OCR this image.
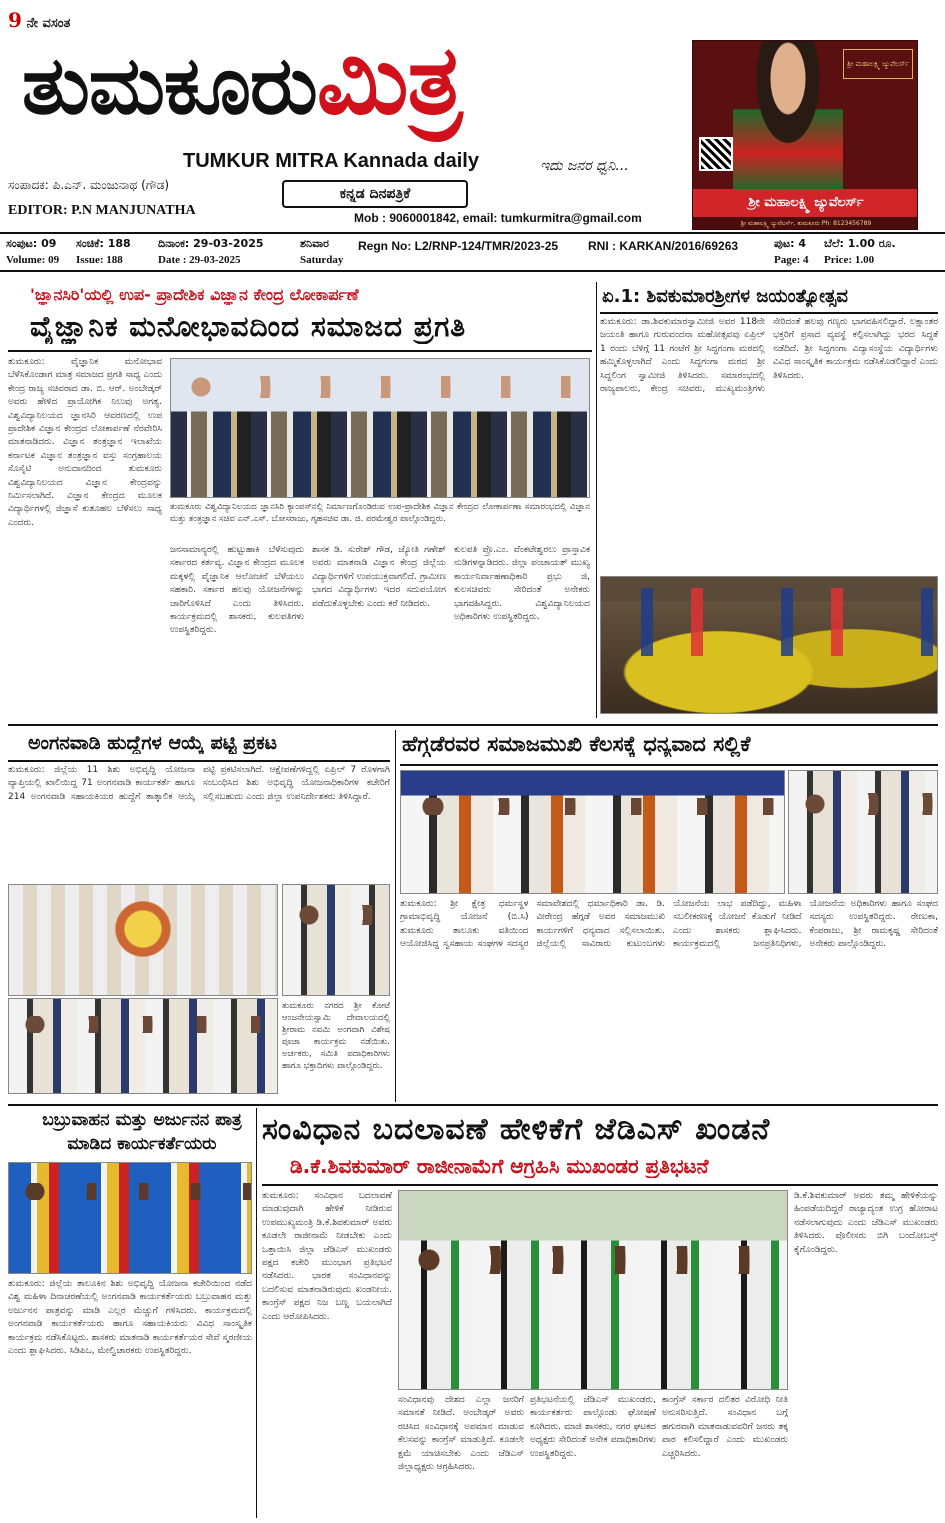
9 ನೇ ವಸಂತ
ತುಮಕೂರುಮಿತ್ರ
TUMKUR MITRA Kannada daily	ಇದು ಜನರ ಧ್ವನಿ...
ಸಂಪಾದಕ: ಪಿ.ಎನ್. ಮಂಜುನಾಥ (ಗೌಡ)
EDITOR: P.N MANJUNATHA
ಕನ್ನಡ ದಿನಪತ್ರಿಕೆ
Mob : 9060001842, email: tumkurmitra@gmail.com
ಶ್ರೀ ಮಹಾಲಕ್ಷ್ಮಿ ಜ್ಯುವೆಲರ್ಸ್
ಶ್ರೀ ಮಹಾಲಕ್ಷ್ಮಿ ಜ್ಯುವೆಲರ್ಸ್
ಶ್ರೀ ಮಹಾಲಕ್ಷ್ಮಿ ಜ್ಯುವೆಲರ್ಸ್, ತುಮಕೂರು Ph: 8123456789
ಸಂಪುಟ: 09 ಸಂಚಿಕೆ: 188 ದಿನಾಂಕ: 29-03-2025	ಶನಿವಾರ
Volume: 09 Issue: 188	Date : 29-03-2025	Saturday
Regn No: L2/RNP-124/TMR/2023-25 RNI : KARKAN/2016/69263	ಪುಟ: 4 ಬೆಲೆ: 1.00 ರೂ.
Page: 4 Price: 1.00
'ಜ್ಞಾನಸಿರಿ'ಯಲ್ಲಿ ಉಪ- ಪ್ರಾದೇಶಿಕ ವಿಜ್ಞಾನ ಕೇಂದ್ರ ಲೋಕಾರ್ಪಣೆ
ವೈಜ್ಞಾನಿಕ ಮನೋಭಾವದಿಂದ ಸಮಾಜದ ಪ್ರಗತಿ
ತುಮಕೂರು: ವೈಜ್ಞಾನಿಕ ಮನೋಭಾವ ಬೆಳೆಸಿಕೊಂಡಾಗ ಮಾತ್ರ ಸಮಾಜದ ಪ್ರಗತಿ ಸಾಧ್ಯ ಎಂದು ಕೇಂದ್ರ ರಾಜ್ಯ ಸಚಿವರಾದ ಡಾ. ಬಿ. ಆರ್. ಅಂಬೇಡ್ಕರ್ ಅವರು ಹೇಳಿದ ಪ್ರಾಯೋಗಿಕ ನಿಲುವು ಅಗತ್ಯ. ವಿಶ್ವವಿದ್ಯಾನಿಲಯದ ಜ್ಞಾನಸಿರಿ ಆವರಣದಲ್ಲಿ ಉಪ ಪ್ರಾದೇಶಿಕ ವಿಜ್ಞಾನ ಕೇಂದ್ರದ ಲೋಕಾರ್ಪಣೆ ನೆರವೇರಿಸಿ ಮಾತನಾಡಿದರು. ವಿಜ್ಞಾನ ತಂತ್ರಜ್ಞಾನ ಇಲಾಖೆಯ ಕರ್ನಾಟಕ ವಿಜ್ಞಾನ ತಂತ್ರಜ್ಞಾನ ವಸ್ತು ಸಂಗ್ರಹಾಲಯ ಸೊಸೈಟಿ ಅನುದಾನದಿಂದ ತುಮಕೂರು ವಿಶ್ವವಿದ್ಯಾನಿಲಯದ ವಿಜ್ಞಾನ ಕೇಂದ್ರವನ್ನು ನಿರ್ಮಿಸಲಾಗಿದೆ. ವಿಜ್ಞಾನ ಕೇಂದ್ರದ ಮೂಲಕ ವಿದ್ಯಾರ್ಥಿಗಳಲ್ಲಿ ಜಿಜ್ಞಾಸೆ ಕುತೂಹಲ ಬೆಳೆಸಲು ಸಾಧ್ಯ ಎಂದರು.
ತುಮಕೂರು ವಿಶ್ವವಿದ್ಯಾನಿಲಯದ ಜ್ಞಾನಸಿರಿ ಕ್ಯಾಂಪಸ್‌ನಲ್ಲಿ ನಿರ್ಮಾಣಗೊಂಡಿರುವ ಉಪ-ಪ್ರಾದೇಶಿಕ ವಿಜ್ಞಾನ ಕೇಂದ್ರದ ಲೋಕಾರ್ಪಣಾ ಸಮಾರಂಭದಲ್ಲಿ ವಿಜ್ಞಾನ ಮತ್ತು ತಂತ್ರಜ್ಞಾನ ಸಚಿವ ಎನ್.ಎಸ್. ಬೋಸರಾಜು, ಗೃಹಸಚಿವ ಡಾ. ಜಿ. ಪರಮೇಶ್ವರ ಪಾಲ್ಗೊಂಡಿದ್ದರು.
ಜನಸಾಮಾನ್ಯರಲ್ಲಿ ಹುಟ್ಟುಹಾಕಿ ಬೆಳೆಸುವುದು ಸರ್ಕಾರದ ಕರ್ತವ್ಯ. ವಿಜ್ಞಾನ ಕೇಂದ್ರದ ಮೂಲಕ ಮಕ್ಕಳಲ್ಲಿ ವೈಜ್ಞಾನಿಕ ಆಲೋಚನೆ ಬೆಳೆಯಲು ಸಹಕಾರಿ. ಸರ್ಕಾರ ಹಲವು ಯೋಜನೆಗಳನ್ನು ಜಾರಿಗೊಳಿಸಿದೆ ಎಂದು ತಿಳಿಸಿದರು. ಕಾರ್ಯಕ್ರಮದಲ್ಲಿ ಶಾಸಕರು, ಕುಲಪತಿಗಳು ಉಪಸ್ಥಿತರಿದ್ದರು.
ಶಾಸಕ ಡಿ. ಸುರೇಶ್ ಗೌಡ, ಜ್ಯೋತಿ ಗಣೇಶ್ ಅವರು ಮಾತನಾಡಿ ವಿಜ್ಞಾನ ಕೇಂದ್ರ ಜಿಲ್ಲೆಯ ವಿದ್ಯಾರ್ಥಿಗಳಿಗೆ ಉಪಯುಕ್ತವಾಗಲಿದೆ. ಗ್ರಾಮೀಣ ಭಾಗದ ವಿದ್ಯಾರ್ಥಿಗಳು ಇದರ ಸದುಪಯೋಗ ಪಡೆದುಕೊಳ್ಳಬೇಕು ಎಂದು ಕರೆ ನೀಡಿದರು.
ಕುಲಪತಿ ಪ್ರೊ.ಎಂ. ವೆಂಕಟೇಶ್ವರಲು ಪ್ರಾಸ್ತಾವಿಕ ನುಡಿಗಳನ್ನಾಡಿದರು. ಜಿಲ್ಲಾ ಪಂಚಾಯತ್ ಮುಖ್ಯ ಕಾರ್ಯನಿರ್ವಾಹಣಾಧಿಕಾರಿ ಪ್ರಭು ಜಿ, ಕುಲಸಚಿವರು ಸೇರಿದಂತೆ ಅನೇಕರು ಭಾಗವಹಿಸಿದ್ದರು. ವಿಶ್ವವಿದ್ಯಾನಿಲಯದ ಅಧಿಕಾರಿಗಳು ಉಪಸ್ಥಿತರಿದ್ದರು.
ಏ.1: ಶಿವಕುಮಾರಶ್ರೀಗಳ ಜಯಂತ್ಯೋತ್ಸವ
ತುಮಕೂರು: ಡಾ.ಶಿವಕುಮಾರಸ್ವಾಮೀಜಿ ಅವರ 118ನೇ ಜಯಂತಿ ಹಾಗೂ ಗುರುವಂದನಾ ಮಹೋತ್ಸವವು ಏಪ್ರಿಲ್ 1 ರಂದು ಬೆಳಿಗ್ಗೆ 11 ಗಂಟೆಗೆ ಶ್ರೀ ಸಿದ್ಧಗಂಗಾ ಮಠದಲ್ಲಿ ಹಮ್ಮಿಕೊಳ್ಳಲಾಗಿದೆ ಎಂದು ಸಿದ್ಧಗಂಗಾ ಮಠದ ಶ್ರೀ ಸಿದ್ಧಲಿಂಗ ಸ್ವಾಮೀಜಿ ತಿಳಿಸಿದರು. ಸಮಾರಂಭದಲ್ಲಿ ರಾಜ್ಯಪಾಲರು, ಕೇಂದ್ರ ಸಚಿವರು, ಮುಖ್ಯಮಂತ್ರಿಗಳು ಸೇರಿದಂತೆ ಹಲವು ಗಣ್ಯರು ಭಾಗವಹಿಸಲಿದ್ದಾರೆ. ಲಕ್ಷಾಂತರ ಭಕ್ತರಿಗೆ ಪ್ರಸಾದ ವ್ಯವಸ್ಥೆ ಕಲ್ಪಿಸಲಾಗಿದ್ದು ಭರದ ಸಿದ್ಧತೆ ನಡೆದಿದೆ. ಶ್ರೀ ಸಿದ್ಧಗಂಗಾ ವಿದ್ಯಾಸಂಸ್ಥೆಯ ವಿದ್ಯಾರ್ಥಿಗಳು ವಿವಿಧ ಸಾಂಸ್ಕೃತಿಕ ಕಾರ್ಯಕ್ರಮ ನಡೆಸಿಕೊಡಲಿದ್ದಾರೆ ಎಂದು ತಿಳಿಸಿದರು.
ಅಂಗನವಾಡಿ ಹುದ್ದೆಗಳ ಆಯ್ಕೆ ಪಟ್ಟಿ ಪ್ರಕಟ
ತುಮಕೂರು: ಜಿಲ್ಲೆಯ 11 ಶಿಶು ಅಭಿವೃದ್ಧಿ ಯೋಜನಾ ವ್ಯಾಪ್ತಿಯಲ್ಲಿ ಖಾಲಿಯಿದ್ದ 71 ಅಂಗನವಾಡಿ ಕಾರ್ಯಕರ್ತೆ ಹಾಗೂ 214 ಅಂಗನವಾಡಿ ಸಹಾಯಕಿಯರ ಹುದ್ದೆಗೆ ತಾತ್ಕಾಲಿಕ ಆಯ್ಕೆ ಪಟ್ಟಿ ಪ್ರಕಟಿಸಲಾಗಿದೆ. ಆಕ್ಷೇಪಣೆಗಳಿದ್ದಲ್ಲಿ ಏಪ್ರಿಲ್ 7 ರೊಳಗಾಗಿ ಸಂಬಂಧಿಸಿದ ಶಿಶು ಅಭಿವೃದ್ಧಿ ಯೋಜನಾಧಿಕಾರಿಗಳ ಕಚೇರಿಗೆ ಸಲ್ಲಿಸಬಹುದು ಎಂದು ಜಿಲ್ಲಾ ಉಪನಿರ್ದೇಶಕರು ತಿಳಿಸಿದ್ದಾರೆ.
ತುಮಕೂರು ನಗರದ ಶ್ರೀ ಕೋಟೆ ಆಂಜನೇಯಸ್ವಾಮಿ ದೇವಾಲಯದಲ್ಲಿ ಶ್ರೀರಾಮ ನವಮಿ ಅಂಗವಾಗಿ ವಿಶೇಷ ಪೂಜಾ ಕಾರ್ಯಕ್ರಮ ನಡೆಯಿತು. ಅರ್ಚಕರು, ಸಮಿತಿ ಪದಾಧಿಕಾರಿಗಳು ಹಾಗೂ ಭಕ್ತಾದಿಗಳು ಪಾಲ್ಗೊಂಡಿದ್ದರು.
ಹೆಗ್ಗಡೆರವರ ಸಮಾಜಮುಖಿ ಕೆಲಸಕ್ಕೆ ಧನ್ಯವಾದ ಸಲ್ಲಿಕೆ
ತುಮಕೂರು: ಶ್ರೀ ಕ್ಷೇತ್ರ ಧರ್ಮಸ್ಥಳ ಗ್ರಾಮಾಭಿವೃದ್ಧಿ ಯೋಜನೆ (ಬಿ.ಸಿ) ತುಮಕೂರು ತಾಲೂಕು ವತಿಯಿಂದ ಆಯೋಜಿಸಿದ್ದ ಸ್ವಸಹಾಯ ಸಂಘಗಳ ಸದಸ್ಯರ ಸಮಾವೇಶದಲ್ಲಿ ಧರ್ಮಾಧಿಕಾರಿ ಡಾ. ಡಿ. ವೀರೇಂದ್ರ ಹೆಗ್ಗಡೆ ಅವರ ಸಮಾಜಮುಖಿ ಕಾರ್ಯಗಳಿಗೆ ಧನ್ಯವಾದ ಸಲ್ಲಿಸಲಾಯಿತು. ಜಿಲ್ಲೆಯಲ್ಲಿ ಸಾವಿರಾರು ಕುಟುಂಬಗಳು ಯೋಜನೆಯ ಲಾಭ ಪಡೆದಿದ್ದು, ಮಹಿಳಾ ಸಬಲೀಕರಣಕ್ಕೆ ಯೋಜನೆ ಕೊಡುಗೆ ನೀಡಿದೆ ಎಂದು ಶಾಸಕರು ಶ್ಲಾಘಿಸಿದರು. ಕಾರ್ಯಕ್ರಮದಲ್ಲಿ ಜನಪ್ರತಿನಿಧಿಗಳು, ಯೋಜನೆಯ ಅಧಿಕಾರಿಗಳು ಹಾಗೂ ಸಂಘದ ಸದಸ್ಯರು ಉಪಸ್ಥಿತರಿದ್ದರು. ರೇಣುಕಾ, ಕೆಂಪರಾಜು, ಶ್ರೀ ರಾಮಕೃಷ್ಣ ಸೇರಿದಂತೆ ಅನೇಕರು ಪಾಲ್ಗೊಂಡಿದ್ದರು.
ಬಬ್ರುವಾಹನ ಮತ್ತು ಅರ್ಜುನನ ಪಾತ್ರ ಮಾಡಿದ ಕಾರ್ಯಕರ್ತೆಯರು
ತುಮಕೂರು: ಜಿಲ್ಲೆಯ ತಾಲೂಕಿನ ಶಿಶು ಅಭಿವೃದ್ಧಿ ಯೋಜನಾ ಕಚೇರಿಯಿಂದ ನಡೆದ ವಿಶ್ವ ಮಹಿಳಾ ದಿನಾಚರಣೆಯಲ್ಲಿ ಅಂಗನವಾಡಿ ಕಾರ್ಯಕರ್ತೆಯರು ಬಬ್ರುವಾಹನ ಮತ್ತು ಅರ್ಜುನನ ಪಾತ್ರವನ್ನು ಮಾಡಿ ಎಲ್ಲರ ಮೆಚ್ಚುಗೆ ಗಳಿಸಿದರು. ಕಾರ್ಯಕ್ರಮದಲ್ಲಿ ಅಂಗನವಾಡಿ ಕಾರ್ಯಕರ್ತೆಯರು ಹಾಗೂ ಸಹಾಯಕಿಯರು ವಿವಿಧ ಸಾಂಸ್ಕೃತಿಕ ಕಾರ್ಯಕ್ರಮ ನಡೆಸಿಕೊಟ್ಟರು. ಶಾಸಕರು ಮಾತನಾಡಿ ಕಾರ್ಯಕರ್ತೆಯರ ಸೇವೆ ಸ್ಮರಣೀಯ ಎಂದು ಶ್ಲಾಘಿಸಿದರು. ಸಿಡಿಪಿಒ, ಮೇಲ್ವಿಚಾರಕರು ಉಪಸ್ಥಿತರಿದ್ದರು.
ಸಂವಿಧಾನ ಬದಲಾವಣೆ ಹೇಳಿಕೆಗೆ ಜೆಡಿಎಸ್ ಖಂಡನೆ
ಡಿ.ಕೆ.ಶಿವಕುಮಾರ್ ರಾಜೀನಾಮೆಗೆ ಆಗ್ರಹಿಸಿ ಮುಖಂಡರ ಪ್ರತಿಭಟನೆ
ತುಮಕೂರು: ಸಂವಿಧಾನ ಬದಲಾವಣೆ ಮಾಡುವುದಾಗಿ ಹೇಳಿಕೆ ನೀಡಿರುವ ಉಪಮುಖ್ಯಮಂತ್ರಿ ಡಿ.ಕೆ.ಶಿವಕುಮಾರ್ ಅವರು ಕೂಡಲೇ ರಾಜೀನಾಮೆ ನೀಡಬೇಕು ಎಂದು ಒತ್ತಾಯಿಸಿ ಜಿಲ್ಲಾ ಜೆಡಿಎಸ್ ಮುಖಂಡರು ಪಕ್ಷದ ಕಚೇರಿ ಮುಂಭಾಗ ಪ್ರತಿಭಟನೆ ನಡೆಸಿದರು. ಭಾರತ ಸಂವಿಧಾನವನ್ನು ಬದಲಿಸುವ ಮಾತನಾಡಿರುವುದು ಖಂಡನೀಯ. ಕಾಂಗ್ರೆಸ್ ಪಕ್ಷದ ನಿಜ ಬಣ್ಣ ಬಯಲಾಗಿದೆ ಎಂದು ಆರೋಪಿಸಿದರು.
ಡಿ.ಕೆ.ಶಿವಕುಮಾರ್ ಅವರು ತಮ್ಮ ಹೇಳಿಕೆಯನ್ನು ಹಿಂಪಡೆಯದಿದ್ದರೆ ರಾಜ್ಯಾದ್ಯಂತ ಉಗ್ರ ಹೋರಾಟ ನಡೆಸಲಾಗುವುದು ಎಂದು ಜೆಡಿಎಸ್ ಮುಖಂಡರು ತಿಳಿಸಿದರು. ಪೊಲೀಸರು ಬಿಗಿ ಬಂದೋಬಸ್ತ್ ಕೈಗೊಂಡಿದ್ದರು.
ಸಂವಿಧಾನವು ದೇಶದ ಎಲ್ಲಾ ಜನರಿಗೆ ಸಮಾನತೆ ನೀಡಿದೆ. ಅಂಬೇಡ್ಕರ್ ಅವರು ರಚಿಸಿದ ಸಂವಿಧಾನಕ್ಕೆ ಅಪಮಾನ ಮಾಡುವ ಕೆಲಸವನ್ನು ಕಾಂಗ್ರೆಸ್ ಮಾಡುತ್ತಿದೆ. ಕೂಡಲೇ ಕ್ಷಮೆ ಯಾಚಿಸಬೇಕು ಎಂದು ಜೆಡಿಎಸ್ ಜಿಲ್ಲಾಧ್ಯಕ್ಷರು ಆಗ್ರಹಿಸಿದರು.
ಪ್ರತಿಭಟನೆಯಲ್ಲಿ ಜೆಡಿಎಸ್ ಮುಖಂಡರು, ಕಾರ್ಯಕರ್ತರು ಪಾಲ್ಗೊಂಡು ಘೋಷಣೆ ಕೂಗಿದರು. ಮಾಜಿ ಶಾಸಕರು, ನಗರ ಘಟಕದ ಅಧ್ಯಕ್ಷರು ಸೇರಿದಂತೆ ಅನೇಕ ಪದಾಧಿಕಾರಿಗಳು ಉಪಸ್ಥಿತರಿದ್ದರು.
ಕಾಂಗ್ರೆಸ್ ಸರ್ಕಾರ ದಲಿತರ ವಿರೋಧಿ ನೀತಿ ಅನುಸರಿಸುತ್ತಿದೆ. ಸಂವಿಧಾನ ಬಗ್ಗೆ ಹಗುರವಾಗಿ ಮಾತನಾಡುವವರಿಗೆ ಜನರು ತಕ್ಕ ಪಾಠ ಕಲಿಸಲಿದ್ದಾರೆ ಎಂದು ಮುಖಂಡರು ಎಚ್ಚರಿಸಿದರು.
